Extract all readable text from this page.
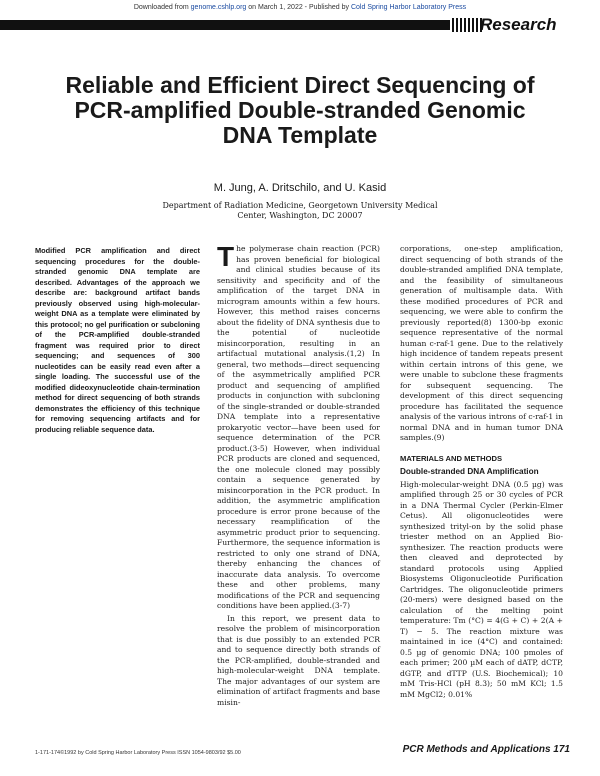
Downloaded from genome.cshlp.org on March 1, 2022 - Published by Cold Spring Harbor Laboratory Press
Research
Reliable and Efficient Direct Sequencing of PCR-amplified Double-stranded Genomic DNA Template
M. Jung, A. Dritschilo, and U. Kasid
Department of Radiation Medicine, Georgetown University Medical Center, Washington, DC 20007

Modified PCR amplification and direct sequencing procedures for the double-stranded genomic DNA template are described. Advantages of the approach we describe are: background artifact bands previously observed using high-molecular-weight DNA as a template were eliminated by this protocol; no gel purification or subcloning of the PCR-amplified double-stranded fragment was required prior to direct sequencing; and sequences of 300 nucleotides can be easily read even after a single loading. The successful use of the modified dideoxynucleotide chain-termination method for direct sequencing of both strands demonstrates the efficiency of this technique for removing sequencing artifacts and for producing reliable sequence data.

The polymerase chain reaction (PCR) has proven beneficial for biological and clinical studies because of its sensitivity and specificity and of the amplification of the target DNA in microgram amounts within a few hours. However, this method raises concerns about the fidelity of DNA synthesis due to the potential of nucleotide misincorporation, resulting in an artifactual mutational analysis.(1,2) In general, two methods—direct sequencing of the asymmetrically amplified PCR product and sequencing of amplified products in conjunction with subcloning of the single-stranded or double-stranded DNA template into a representative prokaryotic vector—have been used for sequence determination of the PCR product.(3-5) However, when individual PCR products are cloned and sequenced, the one molecule cloned may possibly contain a sequence generated by misincorporation in the PCR product. In addition, the asymmetric amplification procedure is error prone because of the necessary reamplification of the asymmetric product prior to sequencing. Furthermore, the sequence information is restricted to only one strand of DNA, thereby enhancing the chances of inaccurate data analysis. To overcome these and other problems, many modifications of the PCR and sequencing conditions have been applied.(3-7)

In this report, we present data to resolve the problem of misincorporation that is due possibly to an extended PCR and to sequence directly both strands of the PCR-amplified, double-stranded and high-molecular-weight DNA template. The major advantages of our system are elimination of artifact fragments and base misin-

corporations, one-step amplification, direct sequencing of both strands of the double-stranded amplified DNA template, and the feasibility of simultaneous generation of multisample data. With these modified procedures of PCR and sequencing, we were able to confirm the previously reported(8) 1300-bp exonic sequence representative of the normal human c-raf-1 gene. Due to the relatively high incidence of tandem repeats present within certain introns of this gene, we were unable to subclone these fragments for subsequent sequencing. The development of this direct sequencing procedure has facilitated the sequence analysis of the various introns of c-raf-1 in normal DNA and in human tumor DNA samples.(9)

MATERIALS AND METHODS
Double-stranded DNA Amplification

High-molecular-weight DNA (0.5 µg) was amplified through 25 or 30 cycles of PCR in a DNA Thermal Cycler (Perkin-Elmer Cetus). All oligonucleotides were synthesized trityl-on by the solid phase triester method on an Applied Bio-synthesizer. The reaction products were then cleaved and deprotected by standard protocols using Applied Biosystems Oligonucleotide Purification Cartridges. The oligonucleotide primers (20-mers) were designed based on the calculation of the melting point temperature: Tm (°C) = 4(G + C) + 2(A + T) − 5. The reaction mixture was maintained in ice (4°C) and contained: 0.5 µg of genomic DNA; 100 pmoles of each primer; 200 µM each of dATP, dCTP, dGTP, and dTTP (U.S. Biochemical); 10 mM Tris-HCl (pH 8.3); 50 mM KCl; 1.5 mM MgCl2; 0.01%

1-171-174©1992 by Cold Spring Harbor Laboratory Press ISSN 1054-9803/92 $5.00	PCR Methods and Applications 171
